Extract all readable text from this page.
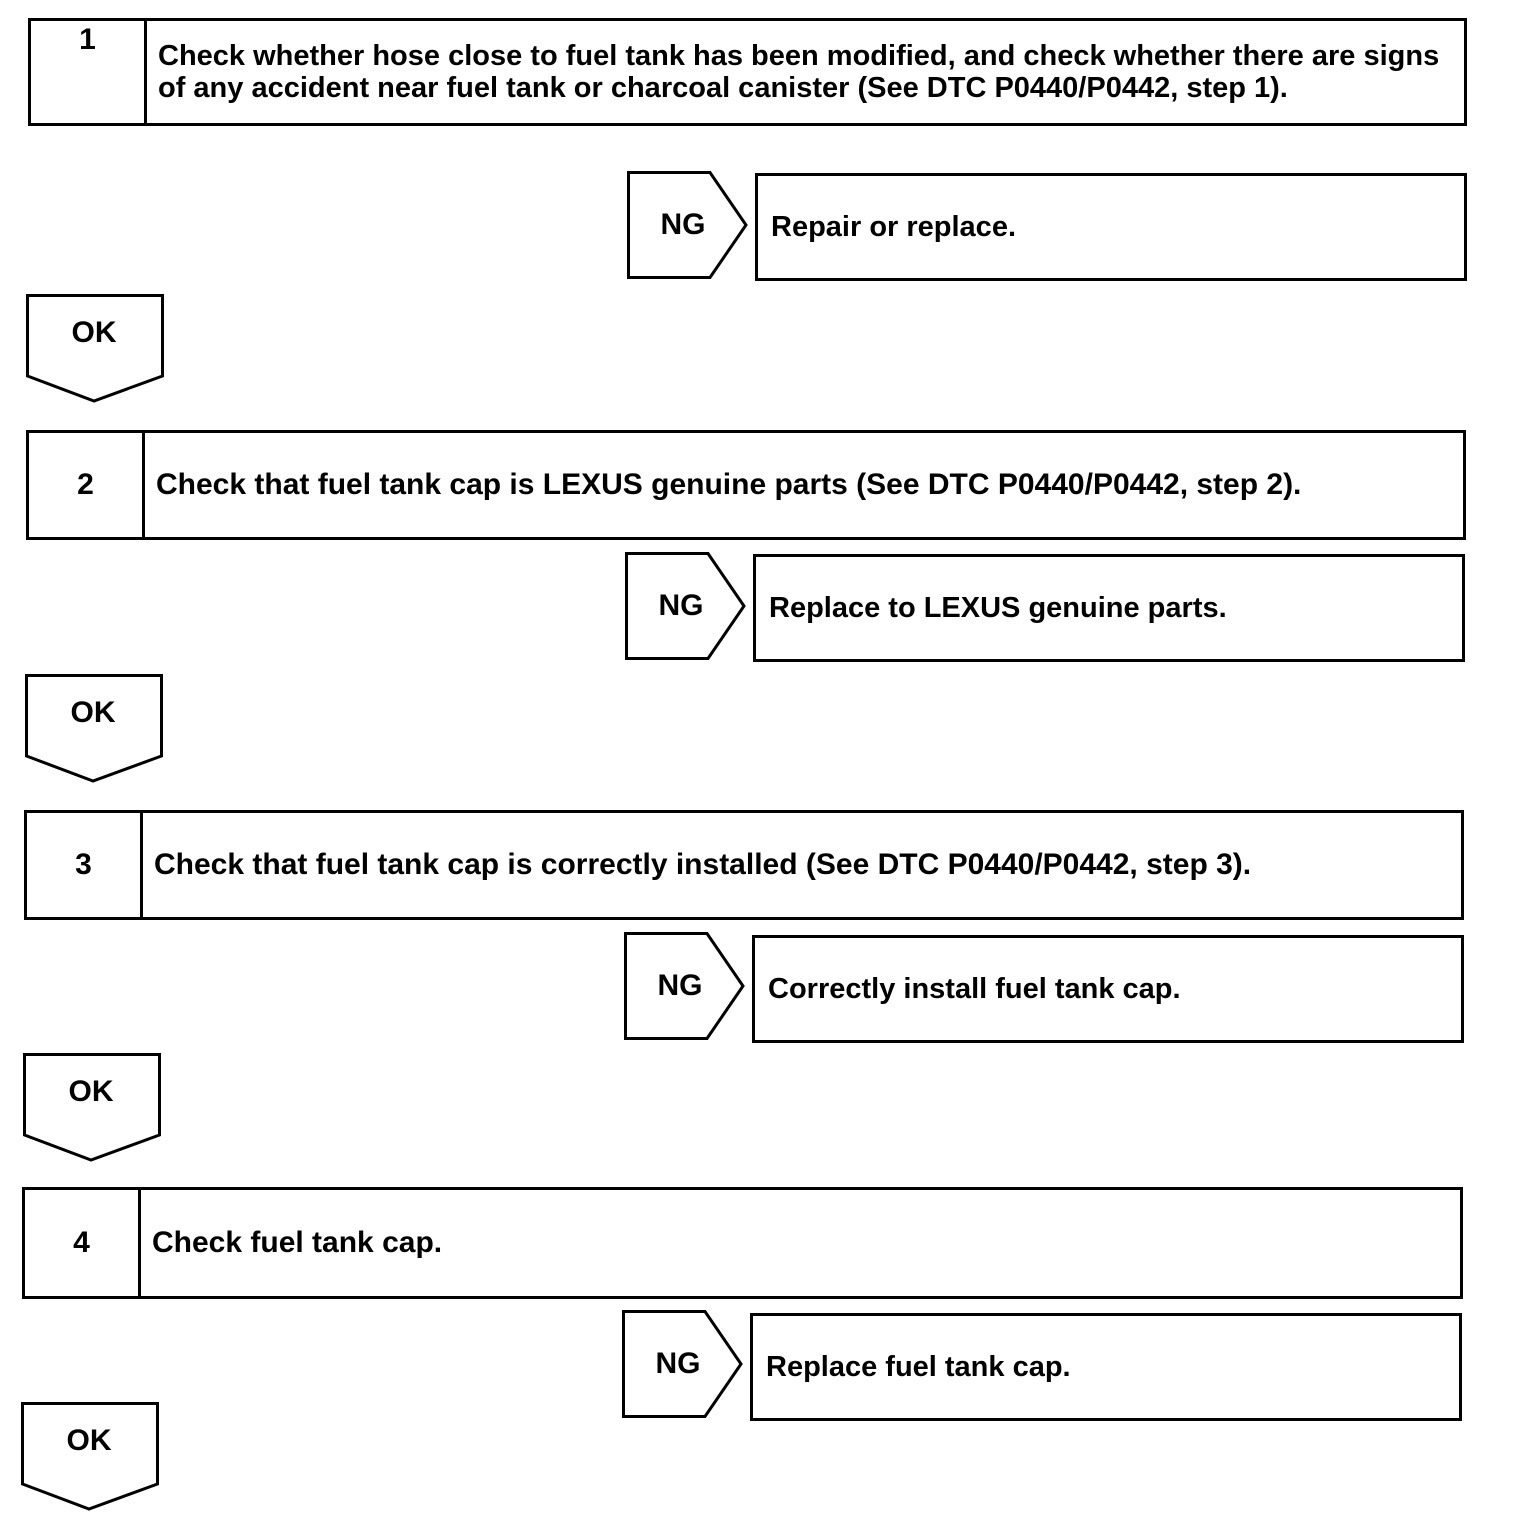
1	Check whether hose close to fuel tank has been modified, and check whether there are signs of any accident near fuel tank or charcoal canister (See DTC P0440/P0442, step 1).
NG	Repair or replace.
OK
2	Check that fuel tank cap is LEXUS genuine parts (See DTC P0440/P0442, step 2).
NG	Replace to LEXUS genuine parts.
OK
3	Check that fuel tank cap is correctly installed (See DTC P0440/P0442, step 3).
NG	Correctly install fuel tank cap.
OK
4	Check fuel tank cap.
NG	Replace fuel tank cap.
OK
